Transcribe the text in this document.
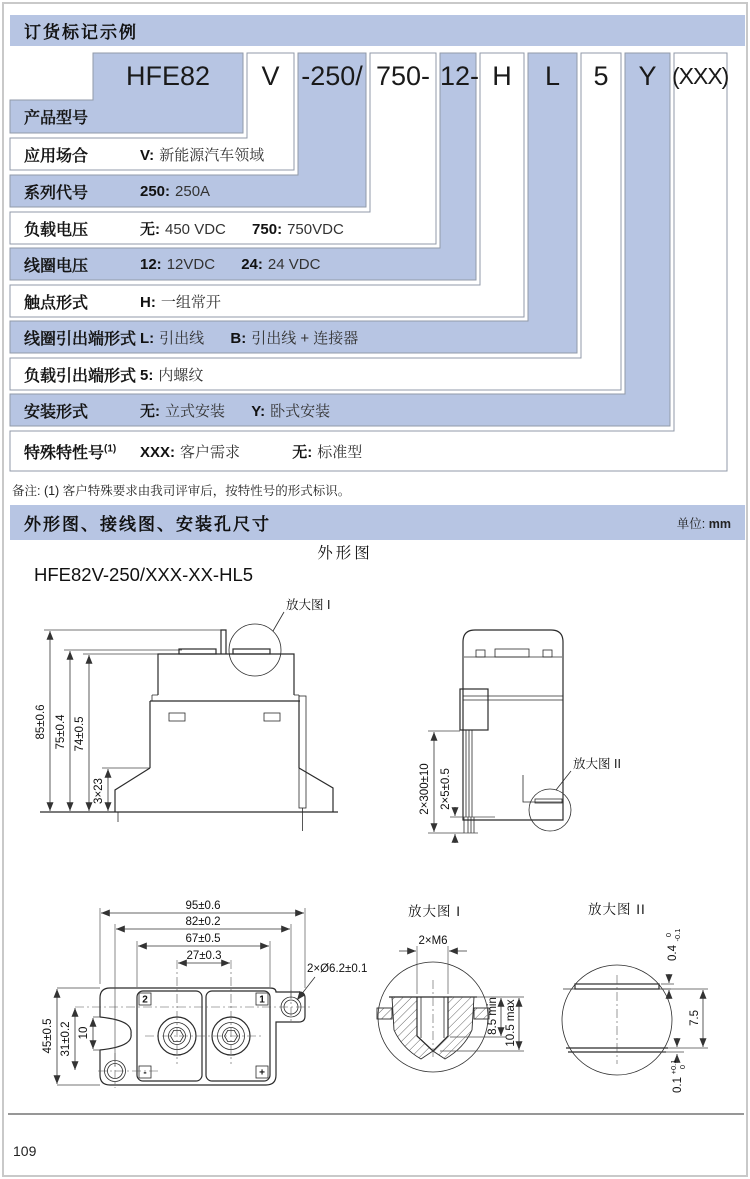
订货标记示例
HFE82	V -250/ 750- 12- H	L	5	Y (XXX)
产品型号
应用场合	V: 新能源汽车领域
系列代号	250: 250A
负载电压	无: 450 VDC 750: 750VDC
线圈电压	12: 12VDC 24: 24 VDC
触点形式	H: 一组常开
线圈引出端形式 L: 引出线 B: 引出线 + 连接器
负载引出端形式 5: 内螺纹
安装形式	无: 立式安装 Y: 卧式安装
特殊特性号$^{(1)}$ XXX: 客户需求	无: 标准型
备注: (1) 客户特殊要求由我司评审后，按特性号的形式标识。
外形图、接线图、安装孔尺寸	单位: mm
外形图
HFE82V-250/XXX-XX-HL5
85±0.6 75±0.4 74±0.5
3×23
放大图 I
2×300±10 2×5±0.5
放大图 II
2	1
-	+
95±0.6
82±0.2
67±0.5
27±0.3
2×Ø6.2±0.1
45±0.5 31±0.2 10
放大图 I
2×M6
8.5 min 10.5 max
放大图 II
0.4
0 -0.1
7.5
0.1
+0.1 0
109
